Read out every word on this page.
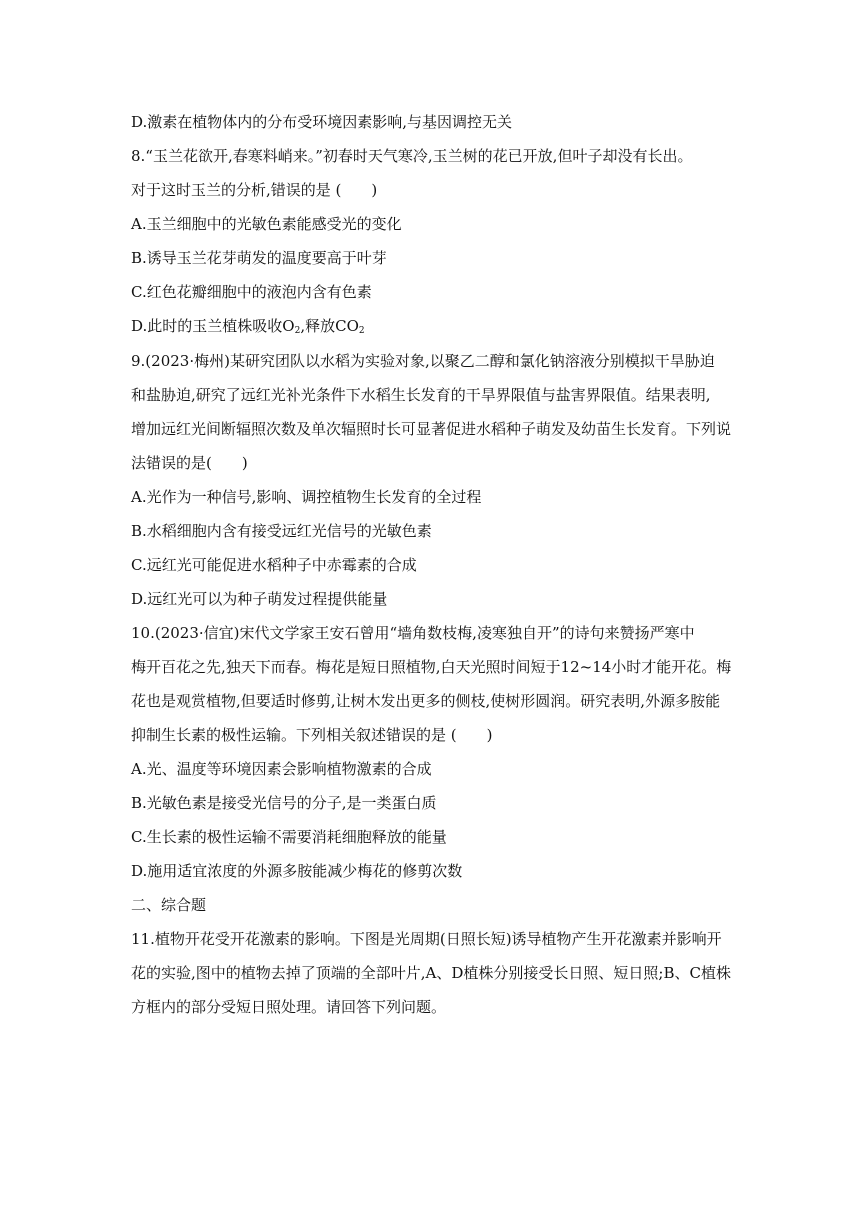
D.激素在植物体内的分布受环境因素影响,与基因调控无关
8.“玉兰花欲开,春寒料峭来。”初春时天气寒冷,玉兰树的花已开放,但叶子却没有长出。
对于这时玉兰的分析,错误的是 (　　)
A.玉兰细胞中的光敏色素能感受光的变化
B.诱导玉兰花芽萌发的温度要高于叶芽
C.红色花瓣细胞中的液泡内含有色素
D.此时的玉兰植株吸收$O_2$,释放$CO_2$
9.(2023·梅州)某研究团队以水稻为实验对象,以聚乙二醇和氯化钠溶液分别模拟干旱胁迫
和盐胁迫,研究了远红光补光条件下水稻生长发育的干旱界限值与盐害界限值。结果表明,
增加远红光间断辐照次数及单次辐照时长可显著促进水稻种子萌发及幼苗生长发育。下列说
法错误的是(　　)
A.光作为一种信号,影响、调控植物生长发育的全过程
B.水稻细胞内含有接受远红光信号的光敏色素
C.远红光可能促进水稻种子中赤霉素的合成
D.远红光可以为种子萌发过程提供能量
10.(2023·信宜)宋代文学家王安石曾用“墙角数枝梅,凌寒独自开”的诗句来赞扬严寒中
梅开百花之先,独天下而春。梅花是短日照植物,白天光照时间短于12~14小时才能开花。梅
花也是观赏植物,但要适时修剪,让树木发出更多的侧枝,使树形圆润。研究表明,外源多胺能
抑制生长素的极性运输。下列相关叙述错误的是 (　　)
A.光、温度等环境因素会影响植物激素的合成
B.光敏色素是接受光信号的分子,是一类蛋白质
C.生长素的极性运输不需要消耗细胞释放的能量
D.施用适宜浓度的外源多胺能减少梅花的修剪次数
二、综合题
11.植物开花受开花激素的影响。下图是光周期(日照长短)诱导植物产生开花激素并影响开
花的实验,图中的植物去掉了顶端的全部叶片,A、D植株分别接受长日照、短日照;B、C植株
方框内的部分受短日照处理。请回答下列问题。
